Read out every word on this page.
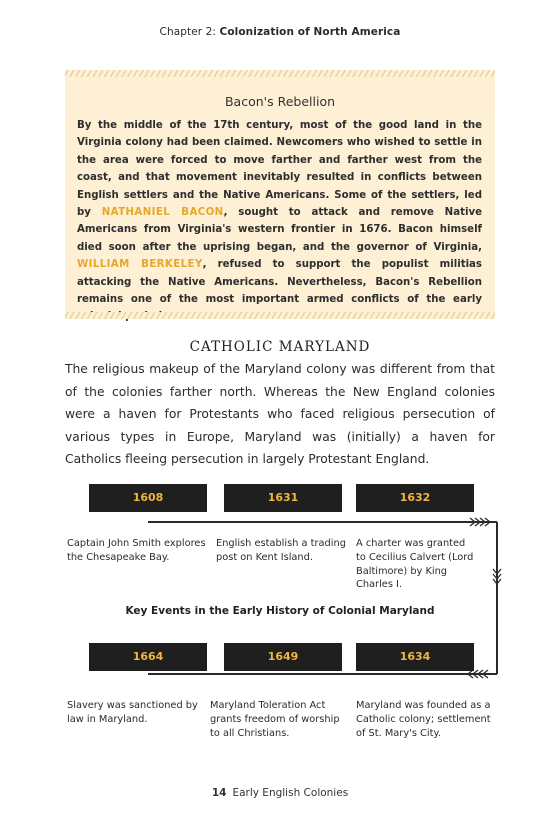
Chapter 2: Colonization of North America
Bacon's Rebellion
By the middle of the 17th century, most of the good land in the Virginia colony had been claimed. Newcomers who wished to settle in the area were forced to move farther and farther west from the coast, and that movement inevitably resulted in conflicts between English settlers and the Native Americans. Some of the settlers, led by NATHANIEL BACON, sought to attack and remove Native Americans from Virginia's western frontier in 1676. Bacon himself died soon after the uprising began, and the governor of Virginia, WILLIAM BERKELEY, refused to support the populist militias attacking the Native Americans. Nevertheless, Bacon's Rebellion remains one of the most important armed conflicts of the early
CATHOLIC MARYLAND
The religious makeup of the Maryland colony was different from that of the colonies farther north. Whereas the New England colonies were a haven for Protestants who faced religious persecution of various types in Europe, Maryland was (initially) a haven for Catholics fleeing persecution in largely Protestant England.
1608	1631	1632
Captain John Smith explores the Chesapeake Bay.
English establish a trading post on Kent Island.
A charter was granted to Cecilius Calvert (Lord Baltimore) by King Charles I.
Key Events in the Early History of Colonial Maryland
1634
1649
1664
Maryland was founded as a Catholic colony; settlement of St. Mary's City.
Maryland Toleration Act grants freedom of worship to all Christians.
Slavery was sanctioned by law in Maryland.
14 Early English Colonies
